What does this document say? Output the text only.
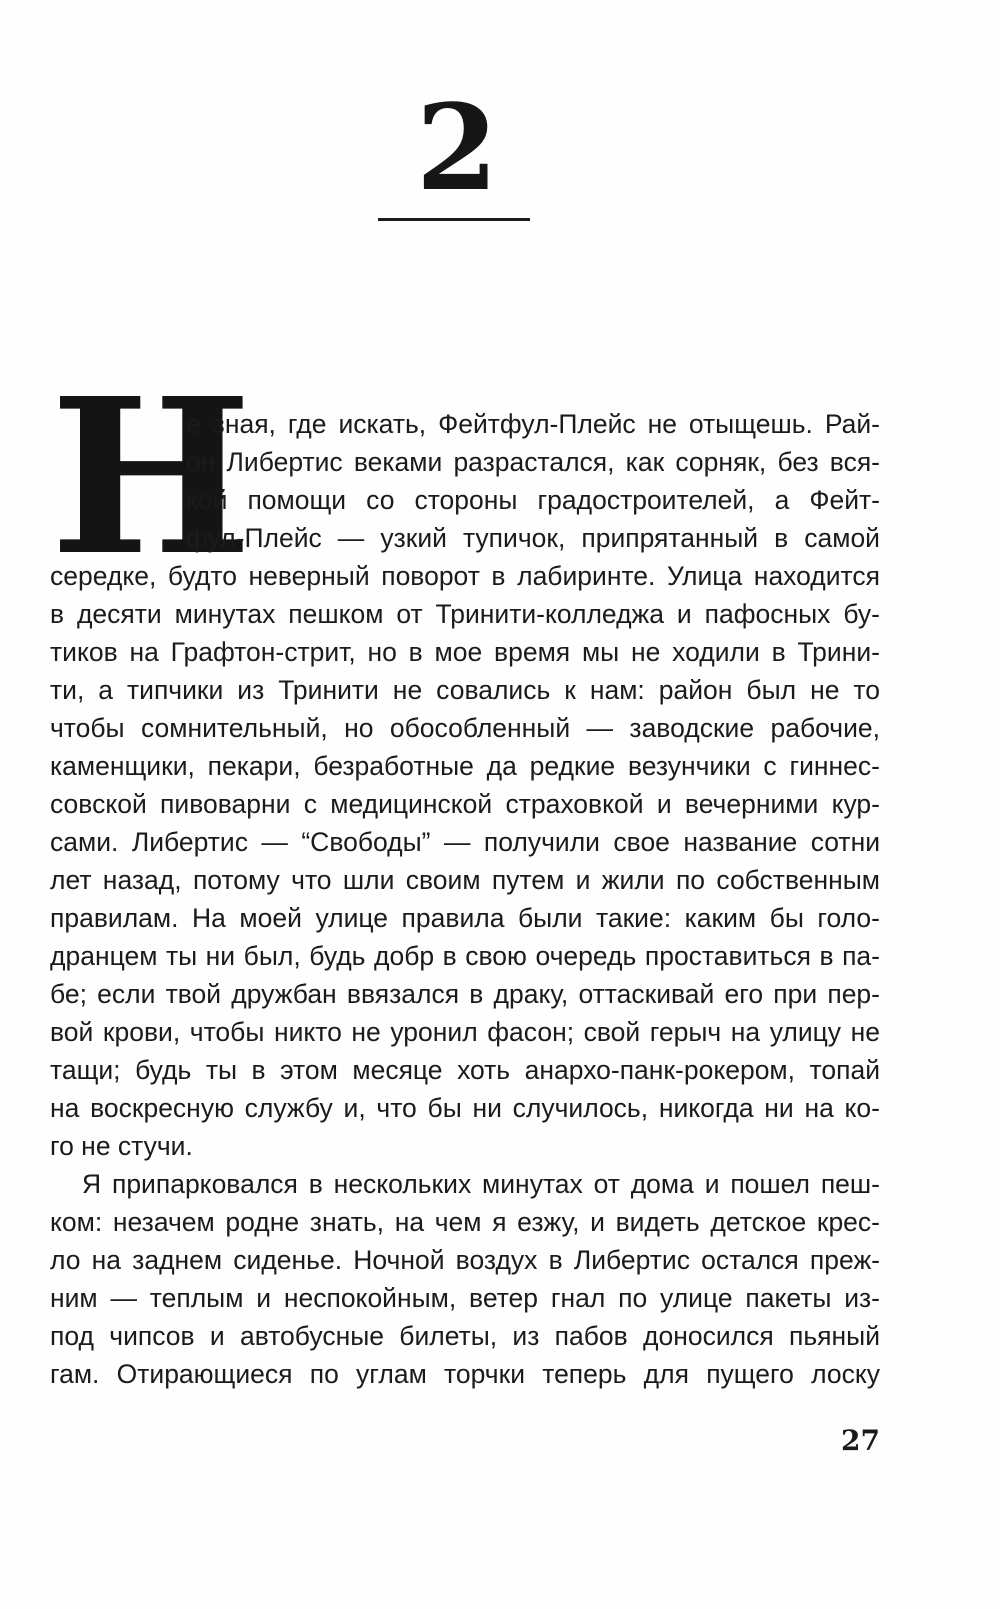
2
Н
е зная, где искать, Фейтфул-Плейс не отыщешь. Рай-
он Либертис веками разрастался, как сорняк, без вся-
кой помощи со стороны градостроителей, а Фейт-
фул-Плейс — узкий тупичок, припрятанный в самой
середке, будто неверный поворот в лабиринте. Улица находится
в десяти минутах пешком от Тринити-колледжа и пафосных бу-
тиков на Графтон-стрит, но в мое время мы не ходили в Трини-
ти, а типчики из Тринити не совались к нам: район был не то
чтобы сомнительный, но обособленный — заводские рабочие,
каменщики, пекари, безработные да редкие везунчики с гиннес-
совской пивоварни с медицинской страховкой и вечерними кур-
сами. Либертис — “Свободы” — получили свое название сотни
лет назад, потому что шли своим путем и жили по собственным
правилам. На моей улице правила были такие: каким бы голо-
дранцем ты ни был, будь добр в свою очередь проставиться в па-
бе; если твой дружбан ввязался в драку, оттаскивай его при пер-
вой крови, чтобы никто не уронил фасон; свой герыч на улицу не
тащи; будь ты в этом месяце хоть анархо-панк-рокером, топай
на воскресную службу и, что бы ни случилось, никогда ни на ко-
го не стучи.
Я припарковался в нескольких минутах от дома и пошел пеш-
ком: незачем родне знать, на чем я езжу, и видеть детское крес-
ло на заднем сиденье. Ночной воздух в Либертис остался преж-
ним — теплым и неспокойным, ветер гнал по улице пакеты из-
под чипсов и автобусные билеты, из пабов доносился пьяный
гам. Отирающиеся по углам торчки теперь для пущего лоску
27
